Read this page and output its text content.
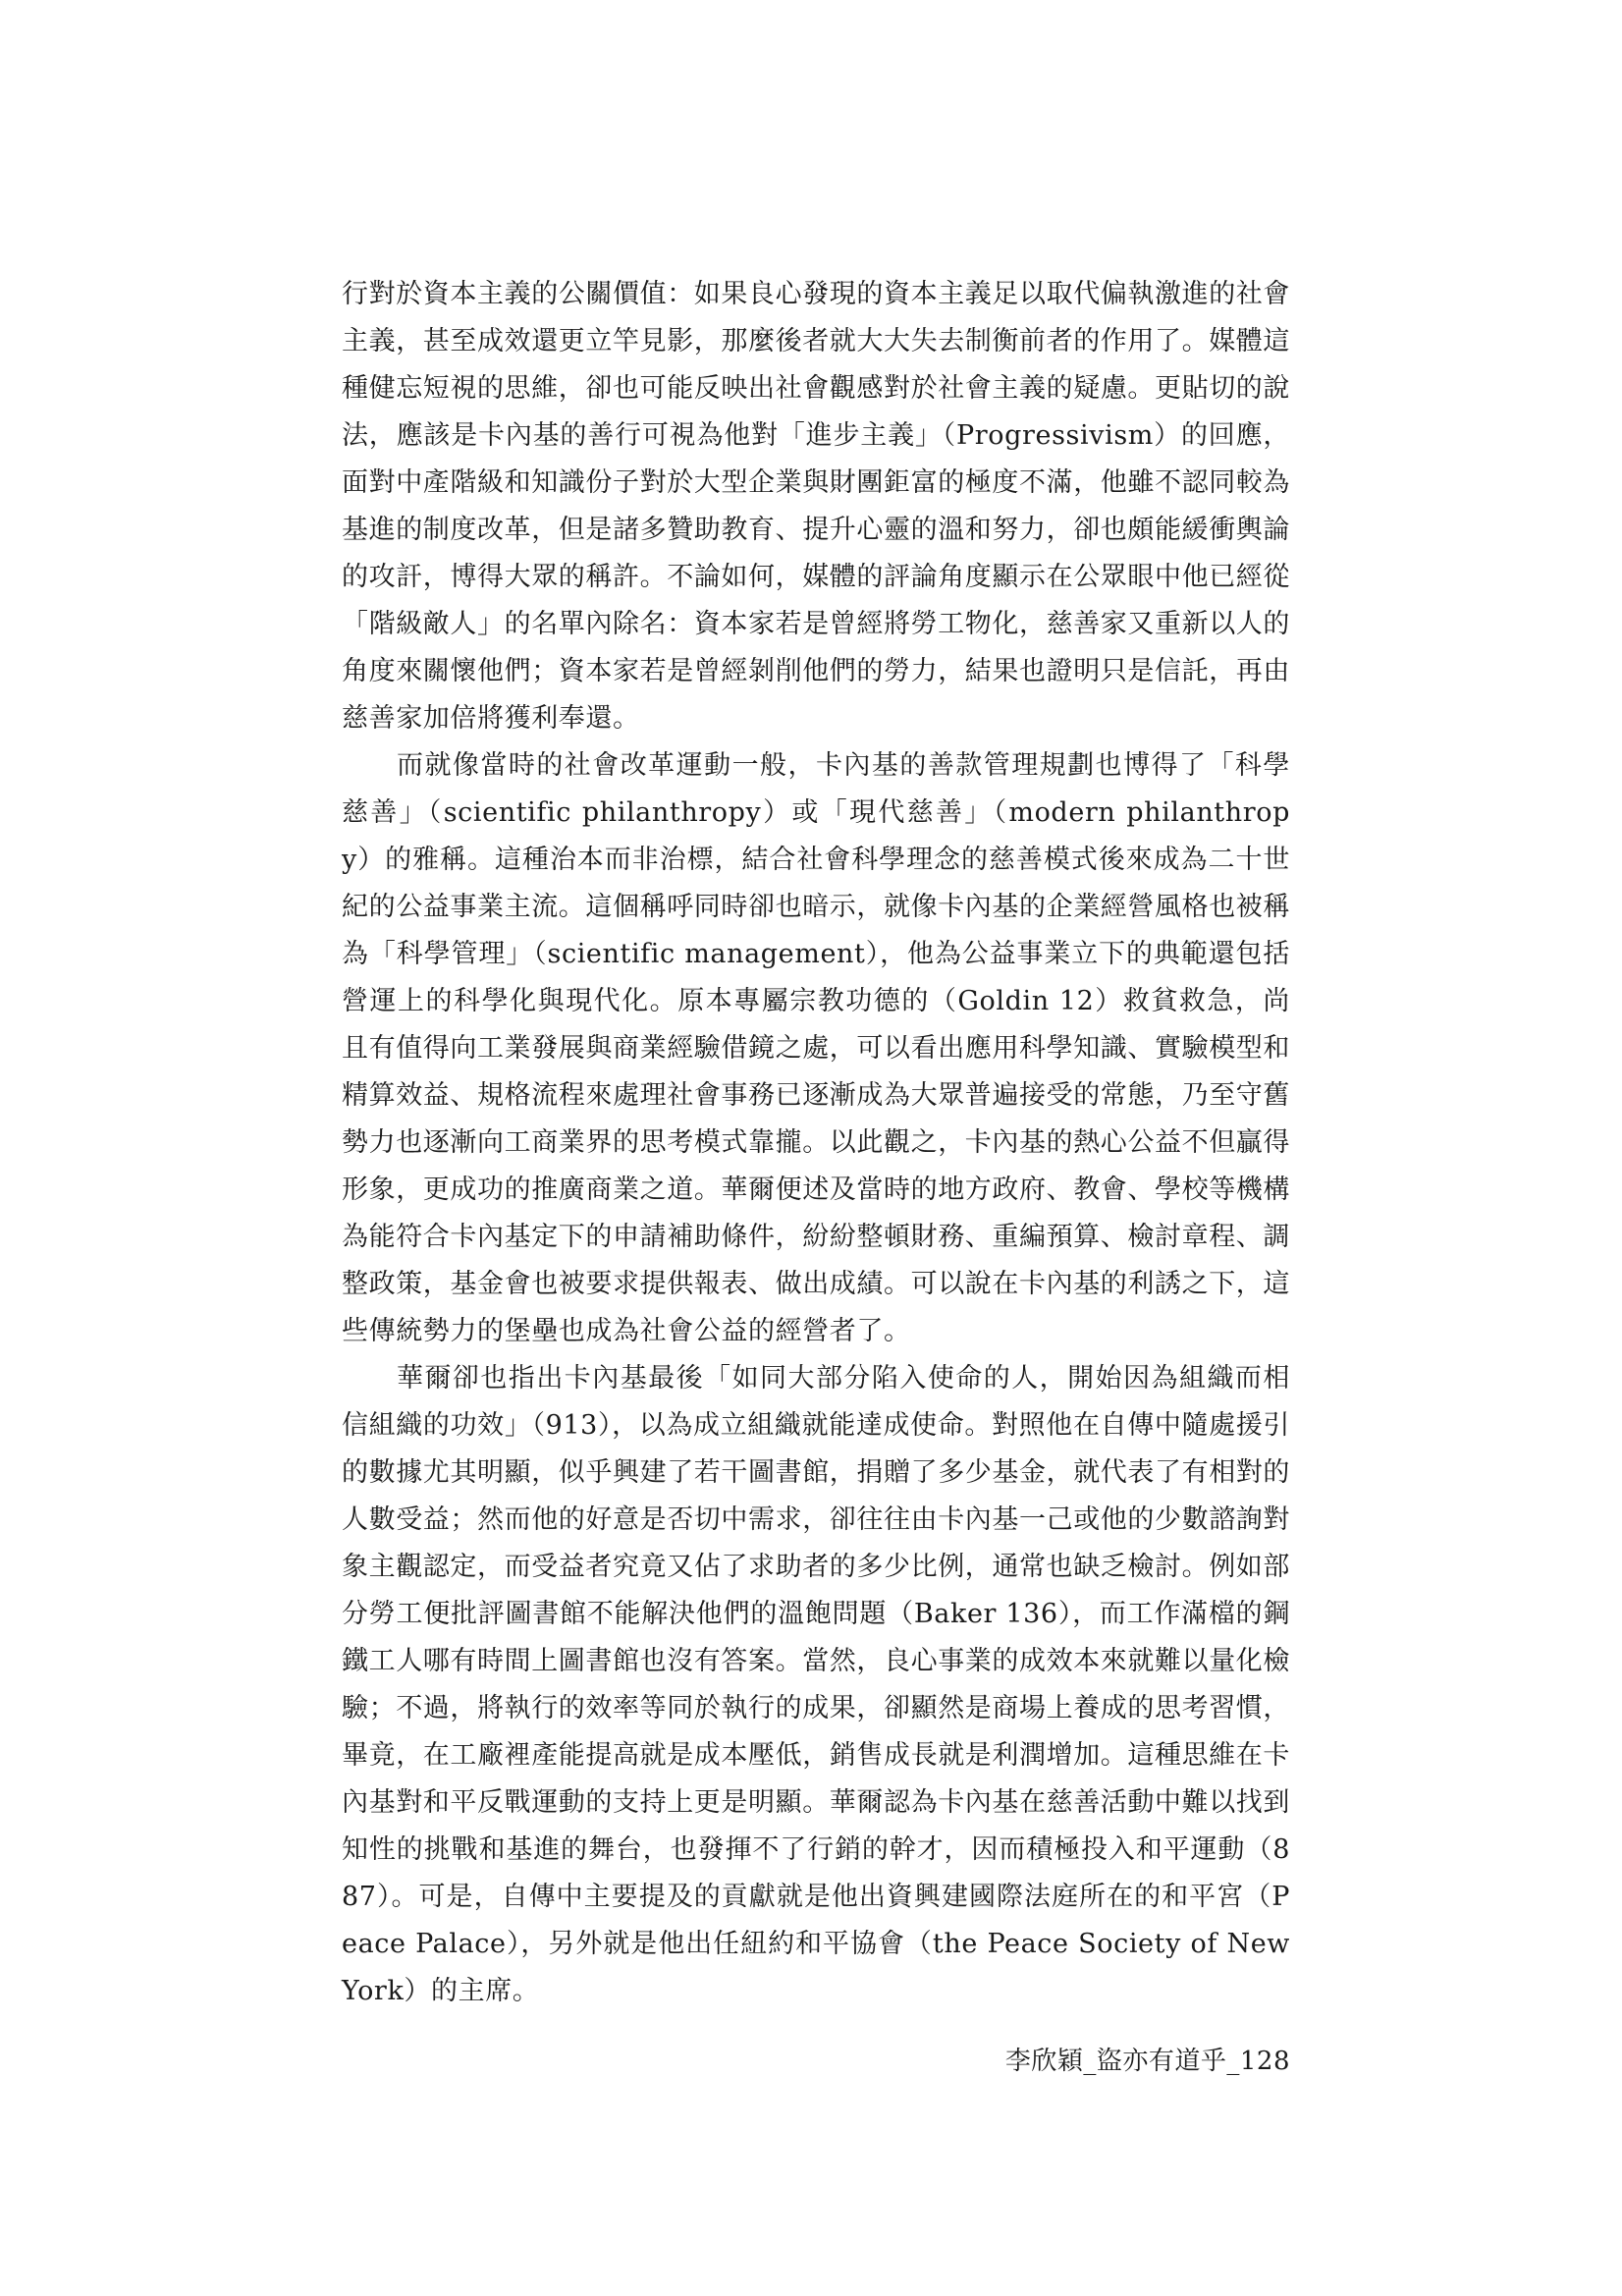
行對於資本主義的公關價值：如果良心發現的資本主義足以取代偏執激進的社會主義，甚至成效還更立竿見影，那麼後者就大大失去制衡前者的作用了。媒體這種健忘短視的思維，卻也可能反映出社會觀感對於社會主義的疑慮。更貼切的說法，應該是卡內基的善行可視為他對「進步主義」（Progressivism）的回應，面對中產階級和知識份子對於大型企業與財團鉅富的極度不滿，他雖不認同較為基進的制度改革，但是諸多贊助教育、提升心靈的溫和努力，卻也頗能緩衝輿論的攻訐，博得大眾的稱許。不論如何，媒體的評論角度顯示在公眾眼中他已經從「階級敵人」的名單內除名：資本家若是曾經將勞工物化，慈善家又重新以人的角度來關懷他們；資本家若是曾經剝削他們的勞力，結果也證明只是信託，再由慈善家加倍將獲利奉還。

而就像當時的社會改革運動一般，卡內基的善款管理規劃也博得了「科學慈善」（scientific philanthropy）或「現代慈善」（modern philanthropy）的雅稱。這種治本而非治標，結合社會科學理念的慈善模式後來成為二十世紀的公益事業主流。這個稱呼同時卻也暗示，就像卡內基的企業經營風格也被稱為「科學管理」（scientific management），他為公益事業立下的典範還包括營運上的科學化與現代化。原本專屬宗教功德的（Goldin 12）救貧救急，尚且有值得向工業發展與商業經驗借鏡之處，可以看出應用科學知識、實驗模型和精算效益、規格流程來處理社會事務已逐漸成為大眾普遍接受的常態，乃至守舊勢力也逐漸向工商業界的思考模式靠攏。以此觀之，卡內基的熱心公益不但贏得形象，更成功的推廣商業之道。華爾便述及當時的地方政府、教會、學校等機構為能符合卡內基定下的申請補助條件，紛紛整頓財務、重編預算、檢討章程、調整政策，基金會也被要求提供報表、做出成績。可以說在卡內基的利誘之下，這些傳統勢力的堡壘也成為社會公益的經營者了。

華爾卻也指出卡內基最後「如同大部分陷入使命的人，開始因為組織而相信組織的功效」（913），以為成立組織就能達成使命。對照他在自傳中隨處援引的數據尤其明顯，似乎興建了若干圖書館，捐贈了多少基金，就代表了有相對的人數受益；然而他的好意是否切中需求，卻往往由卡內基一己或他的少數諮詢對象主觀認定，而受益者究竟又佔了求助者的多少比例，通常也缺乏檢討。例如部分勞工便批評圖書館不能解決他們的溫飽問題（Baker 136），而工作滿檔的鋼鐵工人哪有時間上圖書館也沒有答案。當然，良心事業的成效本來就難以量化檢驗；不過，將執行的效率等同於執行的成果，卻顯然是商場上養成的思考習慣，畢竟，在工廠裡產能提高就是成本壓低，銷售成長就是利潤增加。這種思維在卡內基對和平反戰運動的支持上更是明顯。華爾認為卡內基在慈善活動中難以找到知性的挑戰和基進的舞台，也發揮不了行銷的幹才，因而積極投入和平運動（887）。可是，自傳中主要提及的貢獻就是他出資興建國際法庭所在的和平宮（Peace Palace），另外就是他出任紐約和平協會（the Peace Society of New York）的主席。

李欣穎_盜亦有道乎_128
